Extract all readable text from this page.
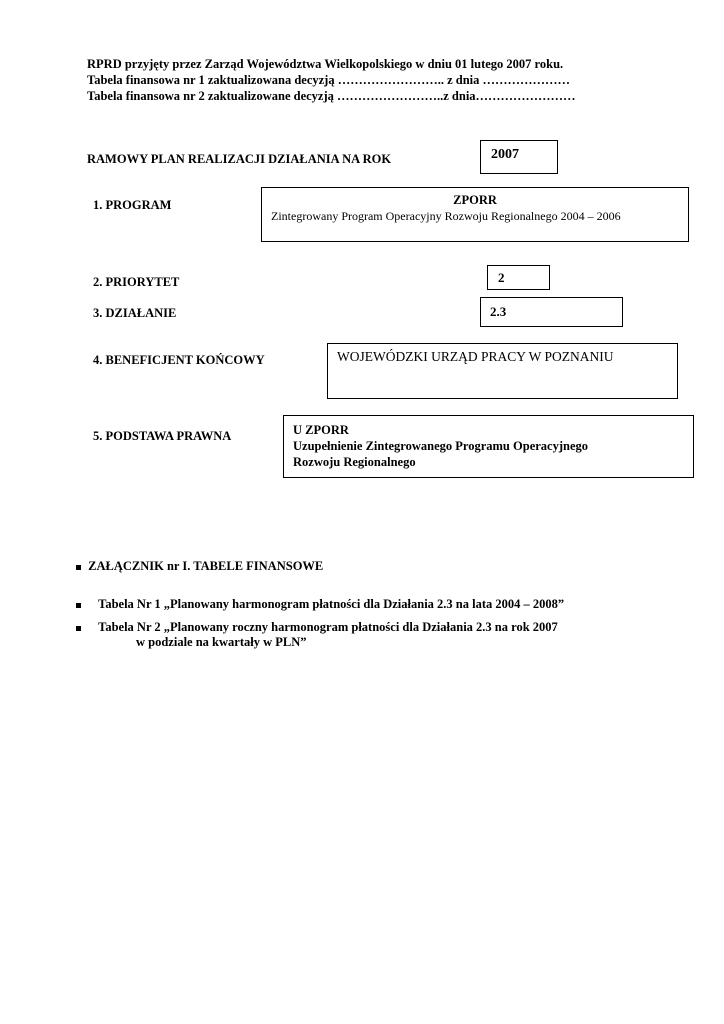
RPRD przyjęty przez Zarząd Województwa Wielkopolskiego w dniu 01 lutego 2007 roku.
Tabela finansowa nr 1 zaktualizowana decyzją …………………….. z dnia …………………
Tabela finansowa nr 2 zaktualizowane decyzją ……………………..z dnia……………………
RAMOWY PLAN REALIZACJI DZIAŁANIA NA ROK	2007
1. PROGRAM	ZPORR
Zintegrowany Program Operacyjny Rozwoju Regionalnego 2004 – 2006
2. PRIORYTET	2
3. DZIAŁANIE	2.3
4. BENEFICJENT KOŃCOWY	WOJEWÓDZKI URZĄD PRACY W POZNANIU
5. PODSTAWA PRAWNA	U ZPORR
Uzupełnienie Zintegrowanego Programu Operacyjnego
Rozwoju Regionalnego
ZAŁĄCZNIK nr I. TABELE FINANSOWE
Tabela Nr 1 „Planowany harmonogram płatności dla Działania 2.3 na lata 2004 – 2008”
Tabela Nr 2 „Planowany roczny harmonogram płatności dla Działania 2.3 na rok 2007
w podziale na kwartały w PLN”
